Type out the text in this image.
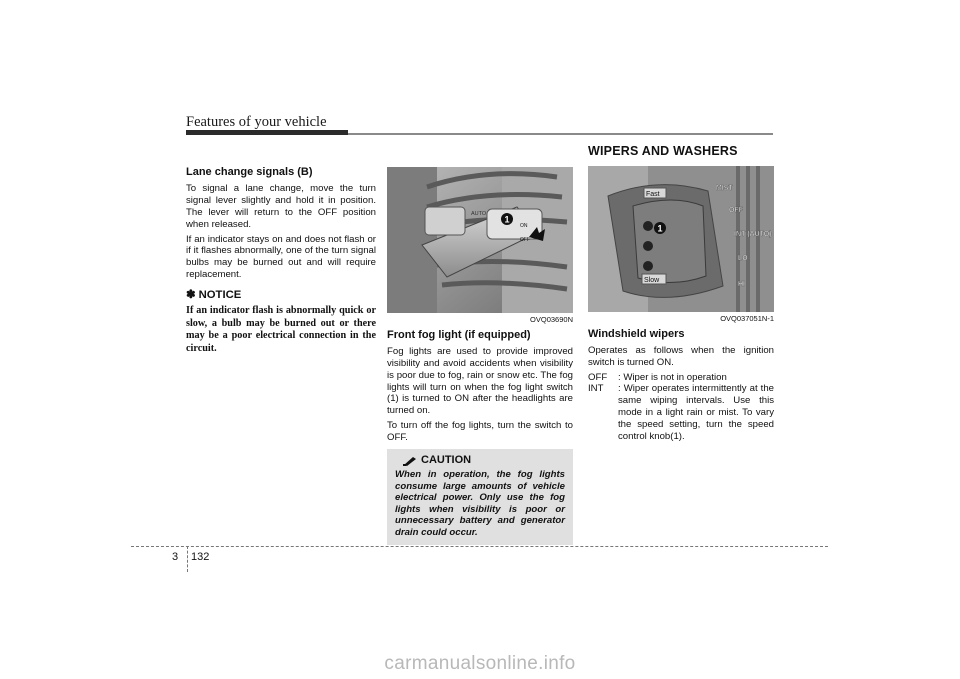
Features of your vehicle
Lane change signals (B)

To signal a lane change, move the turn signal lever slightly and hold it in position. The lever will return to the OFF position when released.

If an indicator stays on and does not flash or if it flashes abnormally, one of the turn signal bulbs may be burned out and will require replacement.

✽ NOTICE

If an indicator flash is abnormally quick or slow, a bulb may be burned out or there may be a poor electrical connection in the circuit.

AUTO
ON
OFF
1
OVQ03690N
Front fog light (if equipped)

Fog lights are used to provide improved visibility and avoid accidents when visibility is poor due to fog, rain or snow etc. The fog lights will turn on when the fog light switch (1) is turned to ON after the headlights are turned on.

To turn off the fog lights, turn the switch to OFF.

CAUTION

When in operation, the fog lights consume large amounts of vehicle electrical power. Only use the fog lights when visibility is poor or unnecessary battery and generator drain could occur.

WIPERS AND WASHERS
1
Fast
Slow
MIST
OFF
INT (AUTO)
LO
HI
OVQ037051N-1
Windshield wipers

Operates as follows when the ignition switch is turned ON.

OFF	: Wiper is not in operation
INT	: Wiper operates intermittently at the same wiping intervals. Use this mode in a light rain or mist. To vary the speed setting, turn the speed control knob(1).
3 132
carmanualsonline.info
